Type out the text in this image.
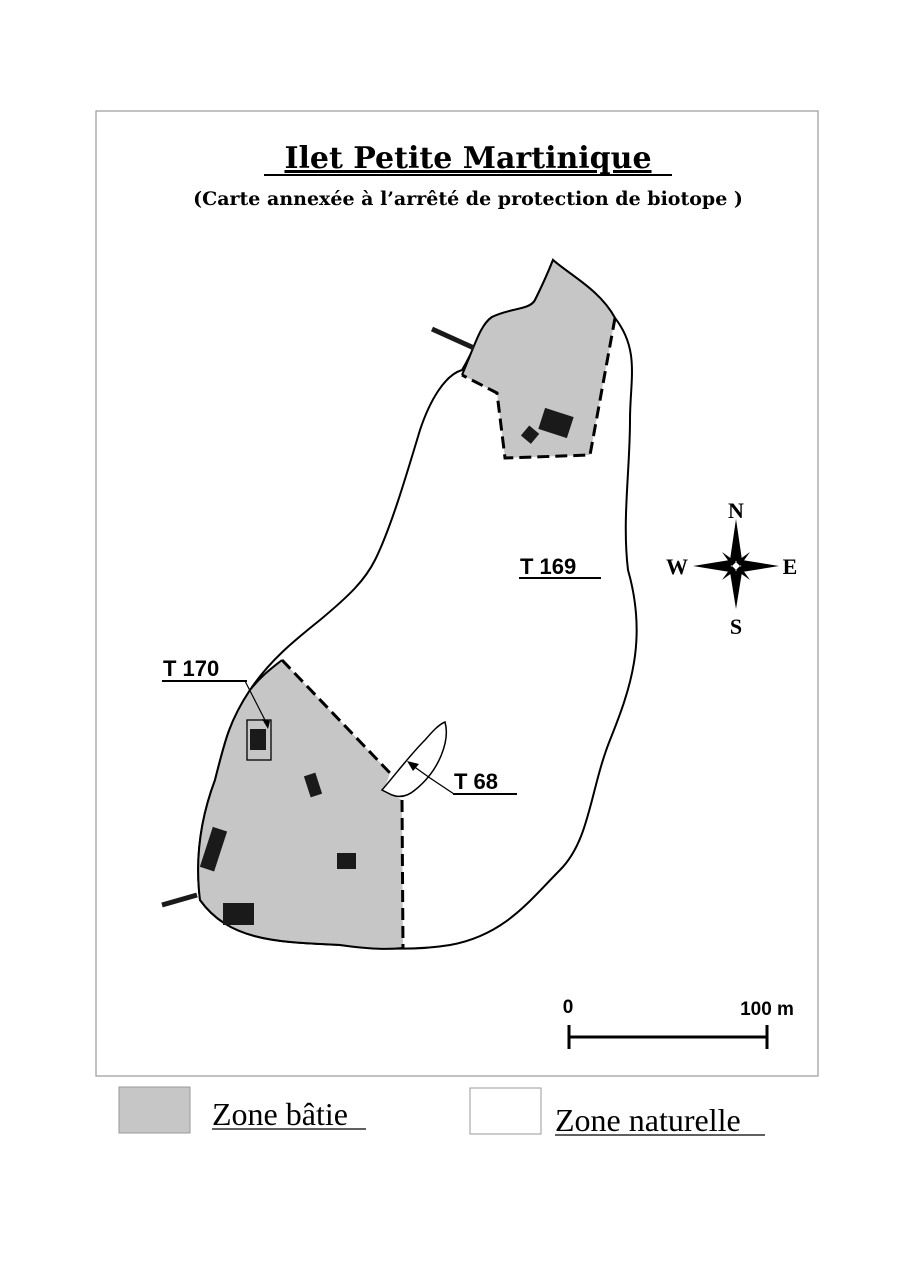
Ilet Petite Martinique
(Carte annexée à l’arrêté de protection de biotope )
T 169
T 170
T 68
N
S
E
W
0	100 m
Zone bâtie	Zone naturelle
